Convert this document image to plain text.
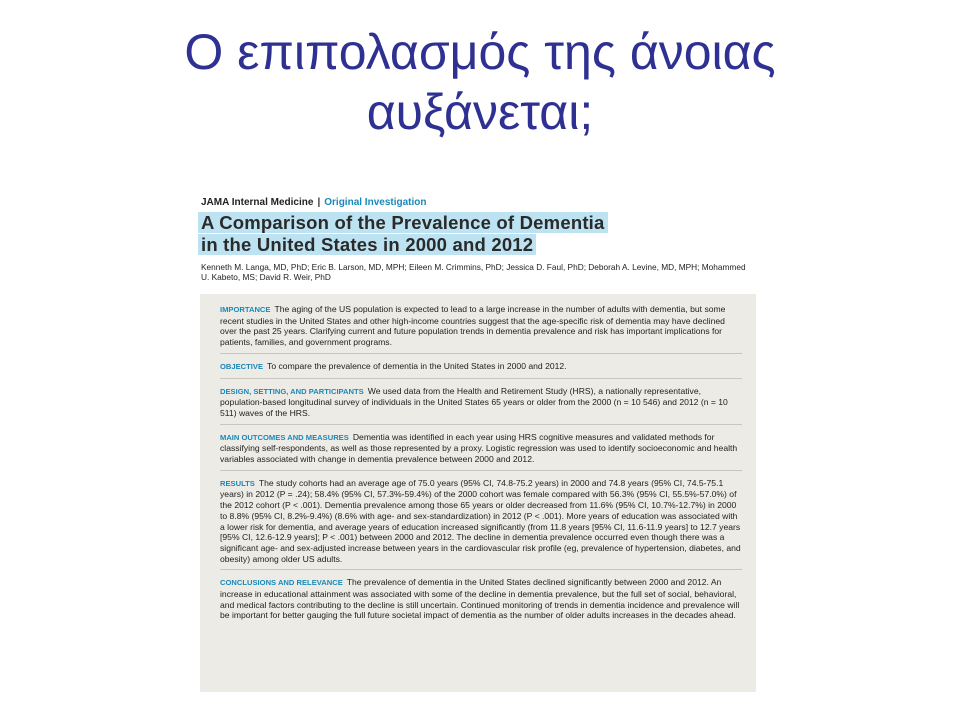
Ο επιπολασμός της άνοιας
αυξάνεται;
JAMA Internal Medicine | Original Investigation
A Comparison of the Prevalence of Dementia
in the United States in 2000 and 2012
Kenneth M. Langa, MD, PhD; Eric B. Larson, MD, MPH; Eileen M. Crimmins, PhD; Jessica D. Faul, PhD; Deborah A. Levine, MD, MPH; Mohammed U. Kabeto, MS; David R. Weir, PhD
IMPORTANCE The aging of the US population is expected to lead to a large increase in the number of adults with dementia, but some recent studies in the United States and other high-income countries suggest that the age-specific risk of dementia may have declined over the past 25 years. Clarifying current and future population trends in dementia prevalence and risk has important implications for patients, families, and government programs.
OBJECTIVE To compare the prevalence of dementia in the United States in 2000 and 2012.
DESIGN, SETTING, AND PARTICIPANTS We used data from the Health and Retirement Study (HRS), a nationally representative, population-based longitudinal survey of individuals in the United States 65 years or older from the 2000 (n = 10 546) and 2012 (n = 10 511) waves of the HRS.
MAIN OUTCOMES AND MEASURES Dementia was identified in each year using HRS cognitive measures and validated methods for classifying self-respondents, as well as those represented by a proxy. Logistic regression was used to identify socioeconomic and health variables associated with change in dementia prevalence between 2000 and 2012.
RESULTS The study cohorts had an average age of 75.0 years (95% CI, 74.8-75.2 years) in 2000 and 74.8 years (95% CI, 74.5-75.1 years) in 2012 (P = .24); 58.4% (95% CI, 57.3%-59.4%) of the 2000 cohort was female compared with 56.3% (95% CI, 55.5%-57.0%) of the 2012 cohort (P < .001). Dementia prevalence among those 65 years or older decreased from 11.6% (95% CI, 10.7%-12.7%) in 2000 to 8.8% (95% CI, 8.2%-9.4%) (8.6% with age- and sex-standardization) in 2012 (P < .001). More years of education was associated with a lower risk for dementia, and average years of education increased significantly (from 11.8 years [95% CI, 11.6-11.9 years] to 12.7 years [95% CI, 12.6-12.9 years]; P < .001) between 2000 and 2012. The decline in dementia prevalence occurred even though there was a significant age- and sex-adjusted increase between years in the cardiovascular risk profile (eg, prevalence of hypertension, diabetes, and obesity) among older US adults.
CONCLUSIONS AND RELEVANCE The prevalence of dementia in the United States declined significantly between 2000 and 2012. An increase in educational attainment was associated with some of the decline in dementia prevalence, but the full set of social, behavioral, and medical factors contributing to the decline is still uncertain. Continued monitoring of trends in dementia incidence and prevalence will be important for better gauging the full future societal impact of dementia as the number of older adults increases in the decades ahead.
